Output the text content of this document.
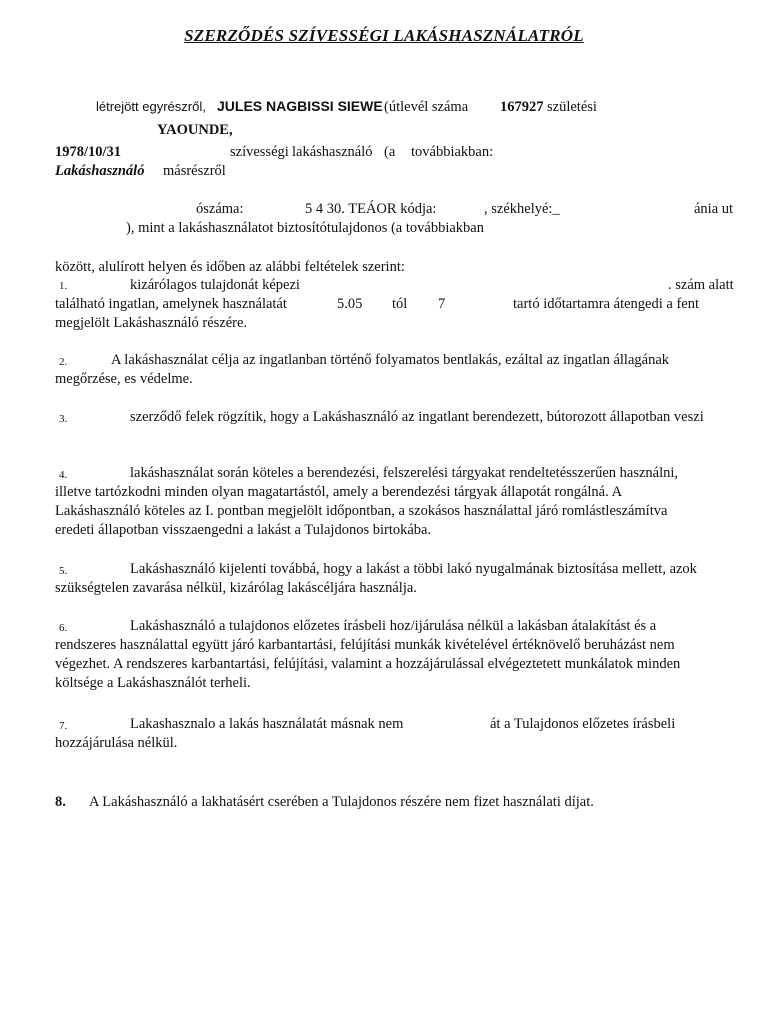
SZERZŐDÉS SZÍVESSÉGI LAKÁSHASZNÁLATRÓL
létrejött egyrészről, JULES NAGBISSI SIEWE (útlevél száma 167927 születési
YAOUNDE,
1978/10/31	szívességi lakáshasználó (a továbbiakban:
Lakáshasználó másrészről
ószáma:	5 4 30. TEÁOR kódja:	, székhelyé:_	ánia ut
), mint a lakáshasználatot biztosítótulajdonos (a továbbiakban
között, alulírott helyen és időben az alábbi feltételek szerint:
1.	kizárólagos tulajdonát képezi	. szám alatt
található ingatlan, amelynek használatát	5.05 tól 7	tartó időtartamra átengedi a fent
megjelölt Lakáshasználó részére.
2.	A lakáshasználat célja az ingatlanban történő folyamatos bentlakás, ezáltal az ingatlan állagának
megőrzése, es védelme.
3.	szerződő felek rögzítik, hogy a Lakáshasználó az ingatlant berendezett, bútorozott állapotban veszi
4.	lakáshasználat során köteles a berendezési, felszerelési tárgyakat rendeltetésszerűen használni,
illetve tartózkodni minden olyan magatartástól, amely a berendezési tárgyak állapotát rongálná. A
Lakáshasználó köteles az I. pontban megjelölt időpontban, a szokásos használattal járó romlástleszámítva
eredeti állapotban visszaengedni a lakást a Tulajdonos birtokába.
5.	Lakáshasználó kijelenti továbbá, hogy a lakást a többi lakó nyugalmának biztosítása mellett, azok
szükségtelen zavarása nélkül, kizárólag lakáscéljára használja.
6.	Lakáshasználó a tulajdonos előzetes írásbeli hoz/ijárulása nélkül a lakásban átalakítást és a
rendszeres használattal együtt járó karbantartási, felújítási munkák kivételével értéknövelő beruházást nem
végezhet. A rendszeres karbantartási, felújítási, valamint a hozzájárulással elvégeztetett munkálatok minden
költsége a Lakáshasználót terheli.
7.	Lakashasznalo a lakás használatát másnak nem	át a Tulajdonos előzetes írásbeli
hozzájárulása nélkül.
8. A Lakáshasználó a lakhatásért cserében a Tulajdonos részére nem fizet használati díjat.
